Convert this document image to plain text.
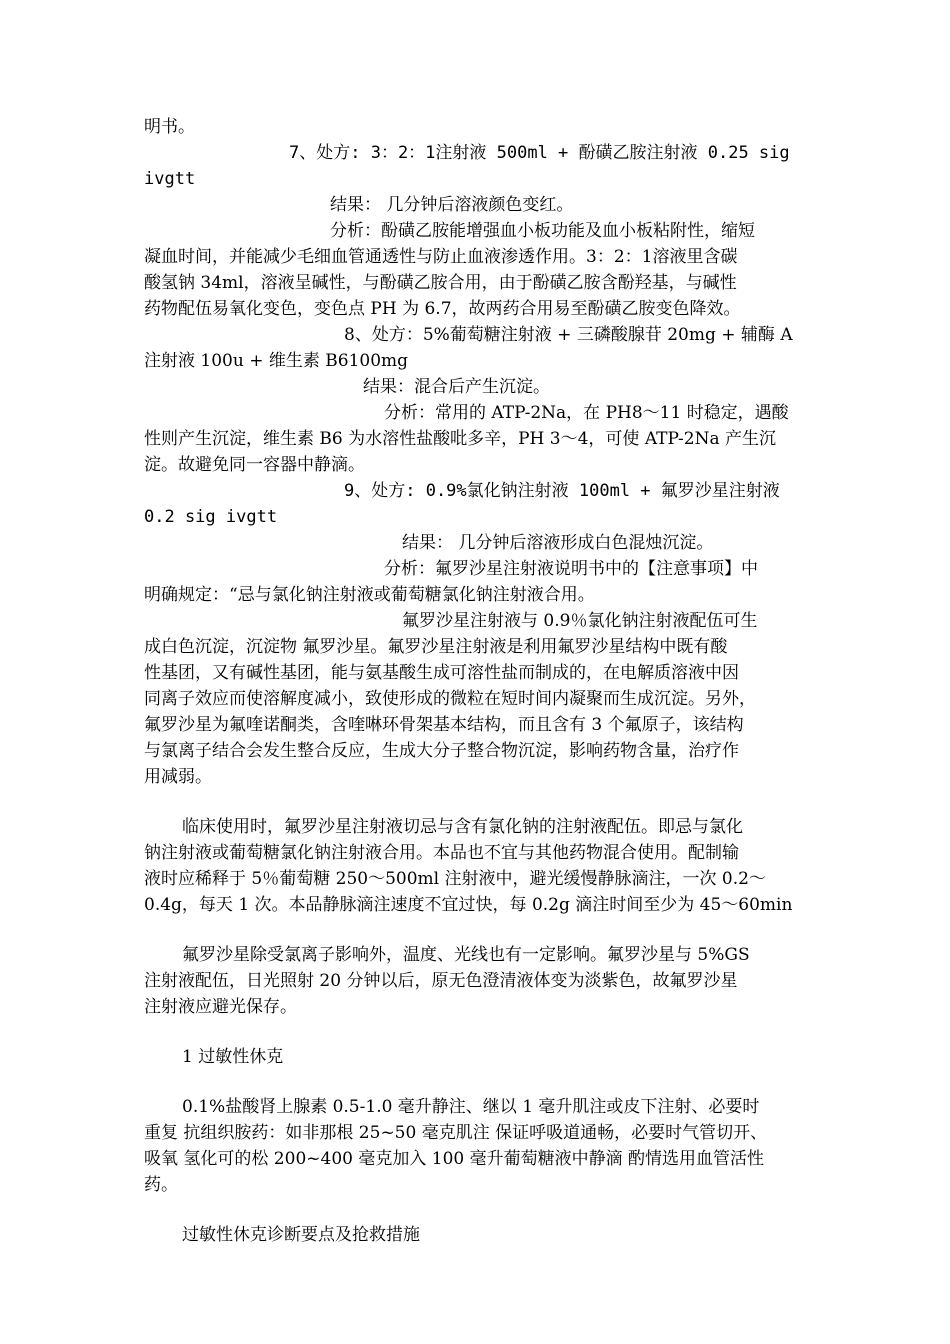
明书。
7、处方: 3：2：1注射液 500ml + 酚磺乙胺注射液 0.25 sig
ivgtt
结果： 几分钟后溶液颜色变红。
分析：酚磺乙胺能增强血小板功能及血小板粘附性，缩短
凝血时间，并能减少毛细血管通透性与防止血液渗透作用。3：2：1溶液里含碳
酸氢钠 34ml，溶液呈碱性，与酚磺乙胺合用，由于酚磺乙胺含酚羟基，与碱性
药物配伍易氧化变色，变色点 PH 为 6.7，故两药合用易至酚磺乙胺变色降效。
8、处方：5%葡萄糖注射液 + 三磷酸腺苷 20mg + 辅酶 A
注射液 100u + 维生素 B6100mg
结果：混合后产生沉淀。
分析：常用的 ATP-2Na，在 PH8～11 时稳定，遇酸
性则产生沉淀，维生素 B6 为水溶性盐酸吡多辛，PH 3～4，可使 ATP-2Na 产生沉
淀。故避免同一容器中静滴。
9、处方: 0.9%氯化钠注射液 100ml + 氟罗沙星注射液
0.2 sig ivgtt
结果： 几分钟后溶液形成白色混烛沉淀。
分析：氟罗沙星注射液说明书中的【注意事项】中
明确规定：“忌与氯化钠注射液或葡萄糖氯化钠注射液合用。
氟罗沙星注射液与 0.9％氯化钠注射液配伍可生
成白色沉淀，沉淀物 氟罗沙星。氟罗沙星注射液是利用氟罗沙星结构中既有酸
性基团，又有碱性基团，能与氨基酸生成可溶性盐而制成的，在电解质溶液中因
同离子效应而使溶解度减小，致使形成的微粒在短时间内凝聚而生成沉淀。另外，
氟罗沙星为氟喹诺酮类，含喹啉环骨架基本结构，而且含有 3 个氟原子，该结构
与氯离子结合会发生整合反应，生成大分子整合物沉淀，影响药物含量，治疗作
用减弱。
临床使用时，氟罗沙星注射液切忌与含有氯化钠的注射液配伍。即忌与氯化
钠注射液或葡萄糖氯化钠注射液合用。本品也不宜与其他药物混合使用。配制输
液时应稀释于 5％葡萄糖 250～500ml 注射液中，避光缓慢静脉滴注，一次 0.2～
0.4g，每天 1 次。本品静脉滴注速度不宜过快，每 0.2g 滴注时间至少为 45～60min
氟罗沙星除受氯离子影响外，温度、光线也有一定影响。氟罗沙星与 5%GS
注射液配伍，日光照射 20 分钟以后，原无色澄清液体变为淡紫色，故氟罗沙星
注射液应避光保存。
1 过敏性休克
0.1%盐酸肾上腺素 0.5-1.0 毫升静注、继以 1 毫升肌注或皮下注射、必要时
重复 抗组织胺药：如非那根 25~50 毫克肌注 保证呼吸道通畅，必要时气管切开、
吸氧 氢化可的松 200~400 毫克加入 100 毫升葡萄糖液中静滴 酌情选用血管活性
药。
过敏性休克诊断要点及抢救措施
